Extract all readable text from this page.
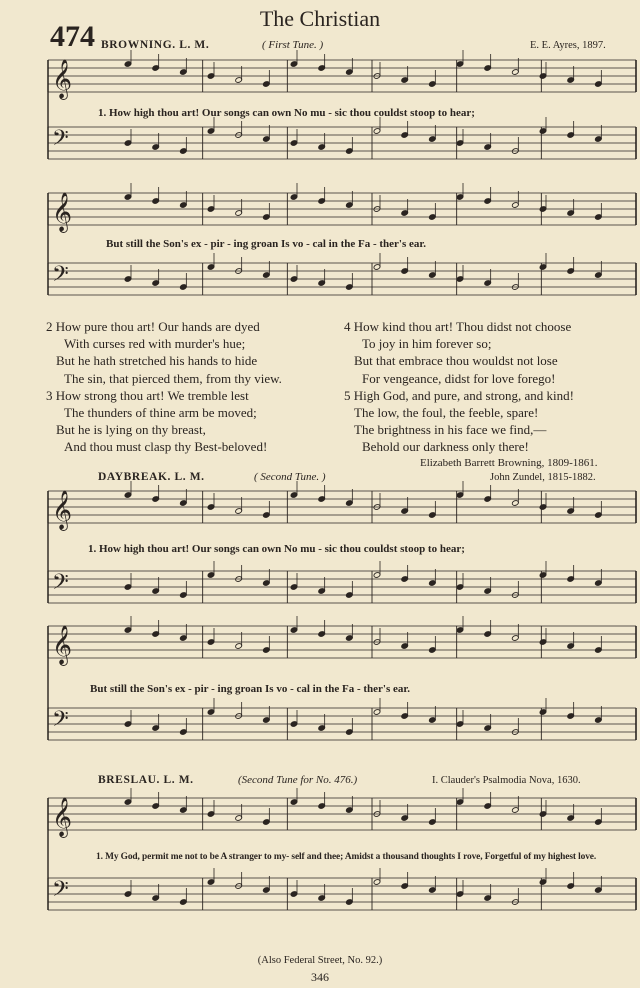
The Christian
474 BROWNING. L. M.	( First Tune. )	E. E. Ayres, 1897.
𝄞
𝄢
𝄞
𝄢
𝄞
𝄢
𝄞
𝄢
𝄞
𝄢
1. How high thou art! Our songs can own No mu - sic thou couldst stoop to hear;
But still the Son's ex - pir - ing groan Is vo - cal in the Fa - ther's ear.
2 How pure thou art! Our hands are dyed
With curses red with murder's hue;
But he hath stretched his hands to hide
The sin, that pierced them, from thy view.
3 How strong thou art! We tremble lest
The thunders of thine arm be moved;
But he is lying on thy breast,
And thou must clasp thy Best-beloved!
4 How kind thou art! Thou didst not choose
To joy in him forever so;
But that embrace thou wouldst not lose
For vengeance, didst for love forego!
5 High God, and pure, and strong, and kind!
The low, the foul, the feeble, spare!
The brightness in his face we find,—
Behold our darkness only there!
Elizabeth Barrett Browning, 1809-1861.
DAYBREAK. L. M.	( Second Tune. )	John Zundel, 1815-1882.
1. How high thou art! Our songs can own No mu - sic thou couldst stoop to hear;
But still the Son's ex - pir - ing groan Is vo - cal in the Fa - ther's ear.
BRESLAU. L. M.	(Second Tune for No. 476.)	I. Clauder's Psalmodia Nova, 1630.
1. My God, permit me not to be A stranger to my- self and thee; Amidst a thousand thoughts I rove, Forgetful of my highest love.
(Also Federal Street, No. 92.)
346
